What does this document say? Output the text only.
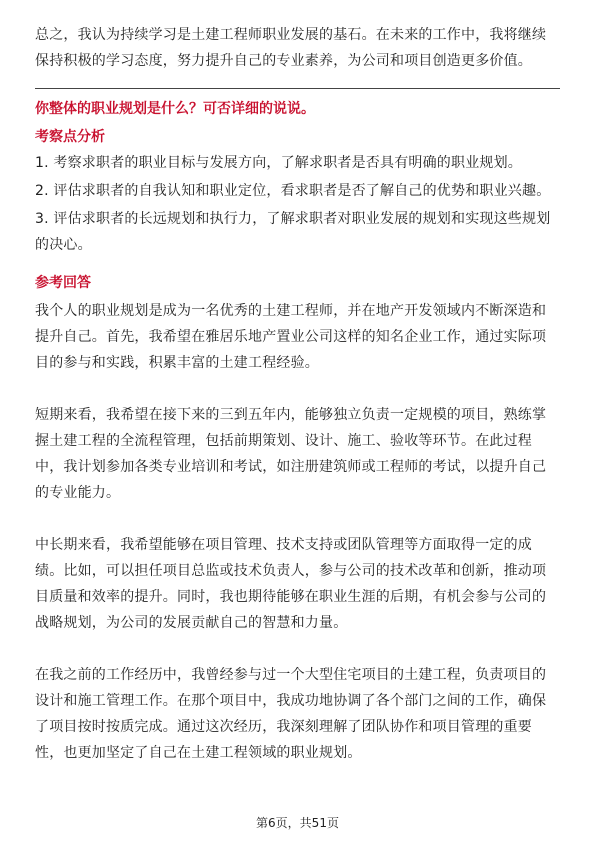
总之，我认为持续学习是土建工程师职业发展的基石。在未来的工作中，我将继续保持积极的学习态度，努力提升自己的专业素养，为公司和项目创造更多价值。

你整体的职业规划是什么？可否详细的说说。

考察点分析

1. 考察求职者的职业目标与发展方向，了解求职者是否具有明确的职业规划。
2. 评估求职者的自我认知和职业定位，看求职者是否了解自己的优势和职业兴趣。
3. 评估求职者的长远规划和执行力，了解求职者对职业发展的规划和实现这些规划的决心。

参考回答

我个人的职业规划是成为一名优秀的土建工程师，并在地产开发领域内不断深造和提升自己。首先，我希望在雅居乐地产置业公司这样的知名企业工作，通过实际项目的参与和实践，积累丰富的土建工程经验。

短期来看，我希望在接下来的三到五年内，能够独立负责一定规模的项目，熟练掌握土建工程的全流程管理，包括前期策划、设计、施工、验收等环节。在此过程中，我计划参加各类专业培训和考试，如注册建筑师或工程师的考试，以提升自己的专业能力。

中长期来看，我希望能够在项目管理、技术支持或团队管理等方面取得一定的成绩。比如，可以担任项目总监或技术负责人，参与公司的技术改革和创新，推动项目质量和效率的提升。同时，我也期待能够在职业生涯的后期，有机会参与公司的战略规划，为公司的发展贡献自己的智慧和力量。

在我之前的工作经历中，我曾经参与过一个大型住宅项目的土建工程，负责项目的设计和施工管理工作。在那个项目中，我成功地协调了各个部门之间的工作，确保了项目按时按质完成。通过这次经历，我深刻理解了团队协作和项目管理的重要性，也更加坚定了自己在土建工程领域的职业规划。

第6页，共51页
